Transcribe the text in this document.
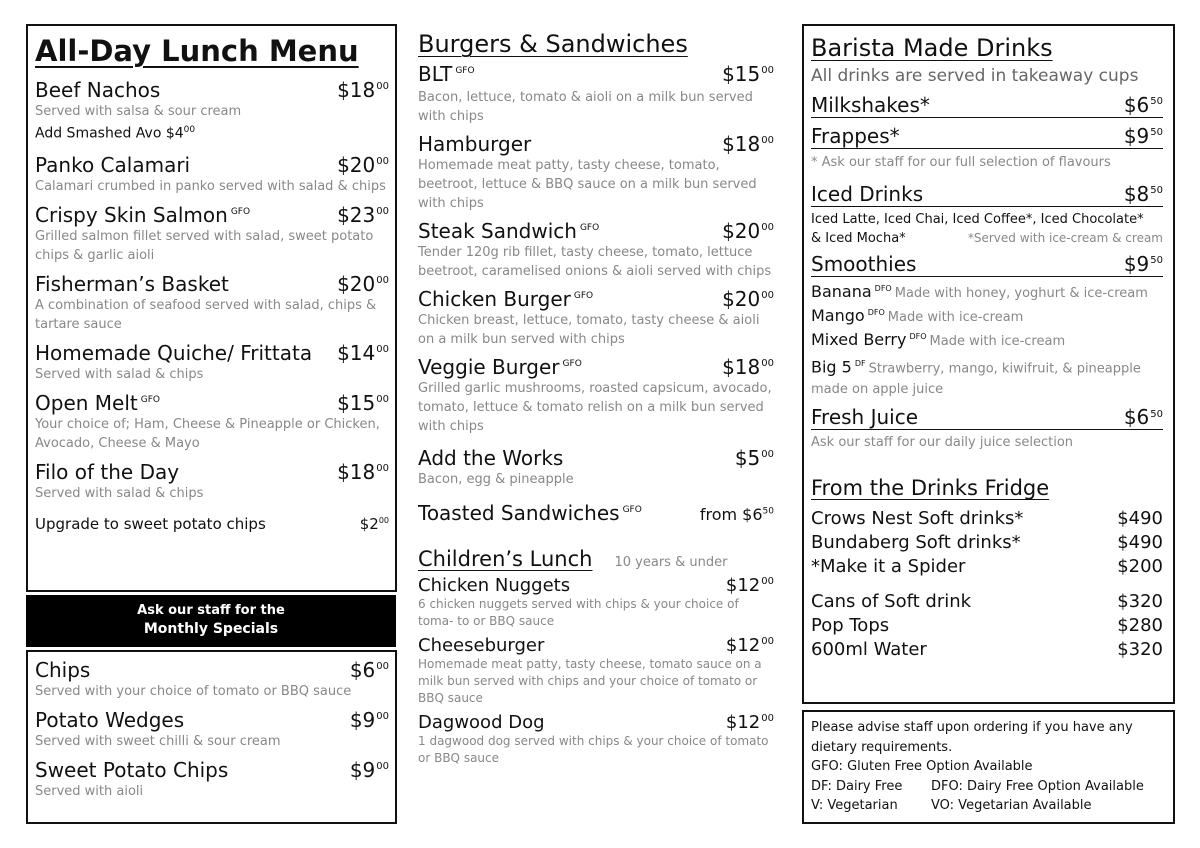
All-Day Lunch Menu
Beef Nachos	$\$18^{00}$
Served with salsa & sour cream
Add Smashed Avo $\$4^{00}$
Panko Calamari	$\$20^{00}$
Calamari crumbed in panko served with salad & chips
Crispy Skin Salmon $^{GFO}$	$\$23^{00}$
Grilled salmon fillet served with salad, sweet potato chips & garlic aioli
Fisherman’s Basket	$\$20^{00}$
A combination of seafood served with salad, chips & tartare sauce
Homemade Quiche/ Frittata $\$14^{00}$
Served with salad & chips
Open Melt $^{GFO}$	$\$15^{00}$
Your choice of; Ham, Cheese & Pineapple or Chicken, Avocado, Cheese & Mayo
Filo of the Day	$\$18^{00}$
Served with salad & chips
Upgrade to sweet potato chips	$\$2^{00}$
Ask our staff for the
Monthly Specials
Chips	$\$6^{00}$
Served with your choice of tomato or BBQ sauce
Potato Wedges	$\$9^{00}$
Served with sweet chilli & sour cream
Sweet Potato Chips	$\$9^{00}$
Served with aioli
Burgers & Sandwiches
BLT $^{GFO}$	$\$15^{00}$
Bacon, lettuce, tomato & aioli on a milk bun served with chips
Hamburger	$\$18^{00}$
Homemade meat patty, tasty cheese, tomato, beetroot, lettuce & BBQ sauce on a milk bun served with chips
Steak Sandwich $^{GFO}$	$\$20^{00}$
Tender 120g rib fillet, tasty cheese, tomato, lettuce beetroot, caramelised onions & aioli served with chips
Chicken Burger $^{GFO}$	$\$20^{00}$
Chicken breast, lettuce, tomato, tasty cheese & aioli on a milk bun served with chips
Veggie Burger $^{GFO}$	$\$18^{00}$
Grilled garlic mushrooms, roasted capsicum, avocado, tomato, lettuce & tomato relish on a milk bun served with chips
Add the Works	$\$5^{00}$
Bacon, egg & pineapple
Toasted Sandwiches $^{GFO}$	from $\$6^{50}$
Children’s Lunch 10 years & under
Chicken Nuggets	$\$12^{00}$
6 chicken nuggets served with chips & your choice of toma- to or BBQ sauce
Cheeseburger	$\$12^{00}$
Homemade meat patty, tasty cheese, tomato sauce on a milk bun served with chips and your choice of tomato or BBQ sauce
Dagwood Dog	$\$12^{00}$
1 dagwood dog served with chips & your choice of tomato or BBQ sauce
Barista Made Drinks
All drinks are served in takeaway cups
Milkshakes*	$\$6^{50}$
Frappes*	$\$9^{50}$
* Ask our staff for our full selection of flavours
Iced Drinks	$\$8^{50}$
Iced Latte, Iced Chai, Iced Coffee*, Iced Chocolate*
& Iced Mocha*	*Served with ice-cream & cream
Smoothies	$\$9^{50}$
Banana $^{DFO}$ Made with honey, yoghurt & ice-cream
Mango $^{DFO}$ Made with ice-cream
Mixed Berry $^{DFO}$ Made with ice-cream
Big 5 $^{DF}$ Strawberry, mango, kiwifruit, & pineapple made on apple juice
Fresh Juice	$\$6^{50}$
Ask our staff for our daily juice selection
From the Drinks Fridge
Crows Nest Soft drinks*	$490
Bundaberg Soft drinks*	$490
*Make it a Spider	$200
Cans of Soft drink	$320
Pop Tops	$280
600ml Water	$320
Please advise staff upon ordering if you have any
dietary requirements.
GFO: Gluten Free Option Available
DF: Dairy Free	DFO: Dairy Free Option Available
V: Vegetarian	VO: Vegetarian Available
